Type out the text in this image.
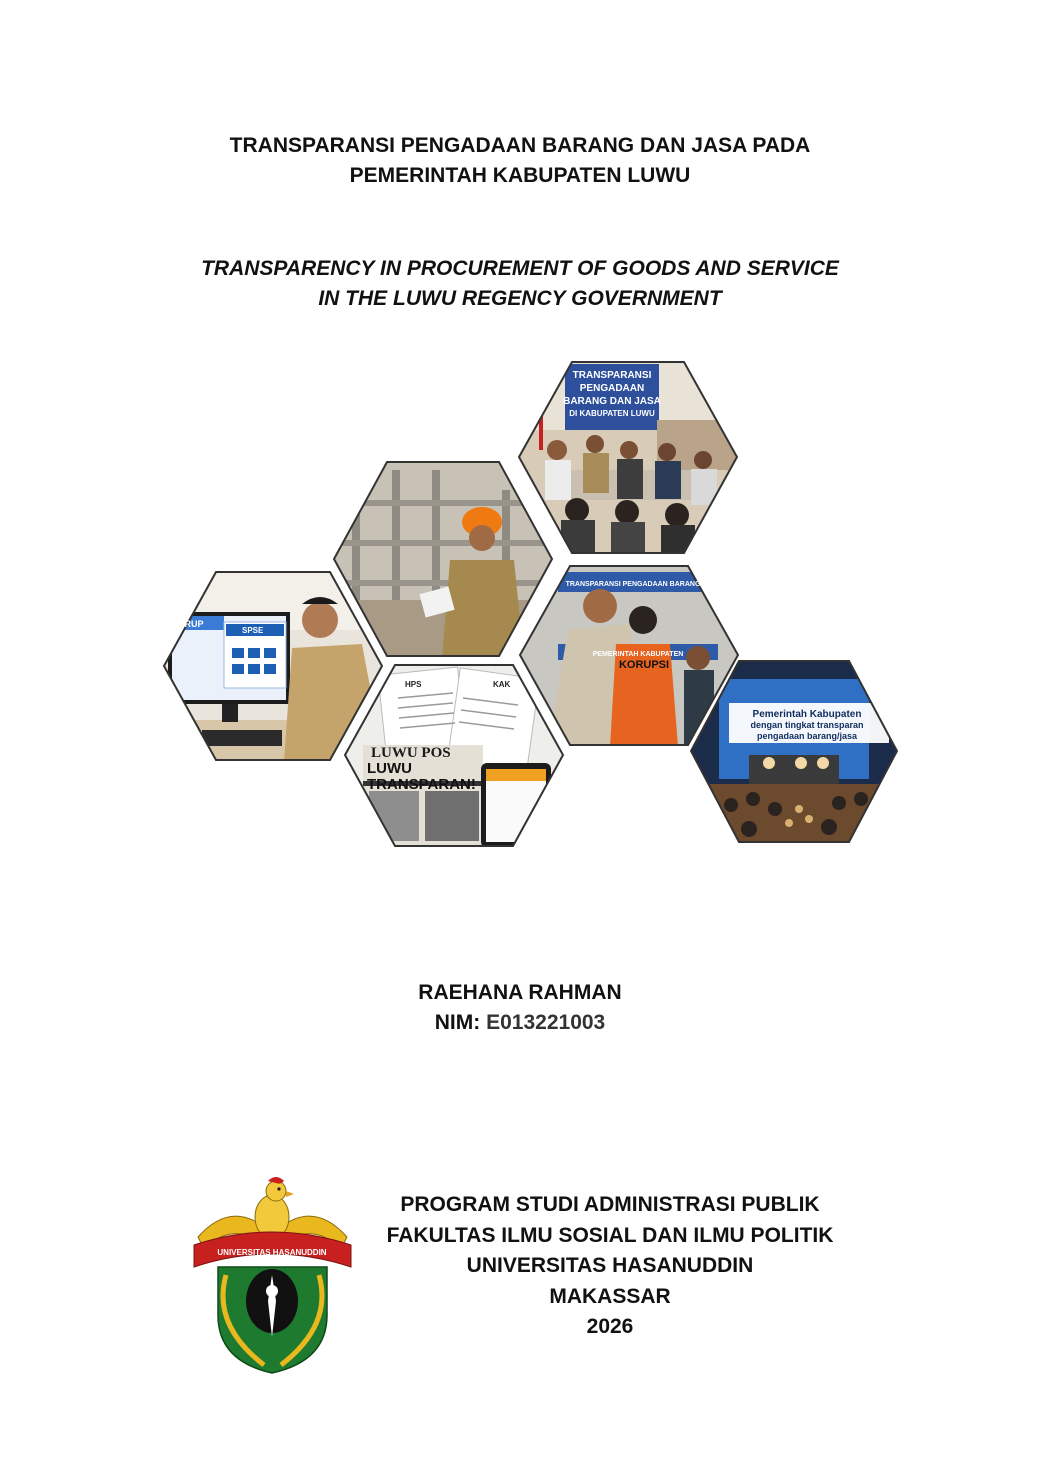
TRANSPARANSI PENGADAAN BARANG DAN JASA PADA
PEMERINTAH KABUPATEN LUWU
TRANSPARENCY IN PROCUREMENT OF GOODS AND SERVICE
IN THE LUWU REGENCY GOVERNMENT
TRANSPARANSI
PENGADAAN
BARANG DAN JASA
DI KABUPATEN LUWU
SIRUP
SPSE
HPS	KAK
LUWU POS
LUWU
TRANSPARAN!
TRANSPARANSI PENGADAAN BARANG
PEMERINTAH KABUPATEN
KORUPSI
Pemerintah Kabupaten
dengan tingkat transparan
pengadaan barang/jasa
RAEHANA RAHMAN
NIM: E013221003
UNIVERSITAS HASANUDDIN
PROGRAM STUDI ADMINISTRASI PUBLIK
FAKULTAS ILMU SOSIAL DAN ILMU POLITIK
UNIVERSITAS HASANUDDIN
MAKASSAR
2026
